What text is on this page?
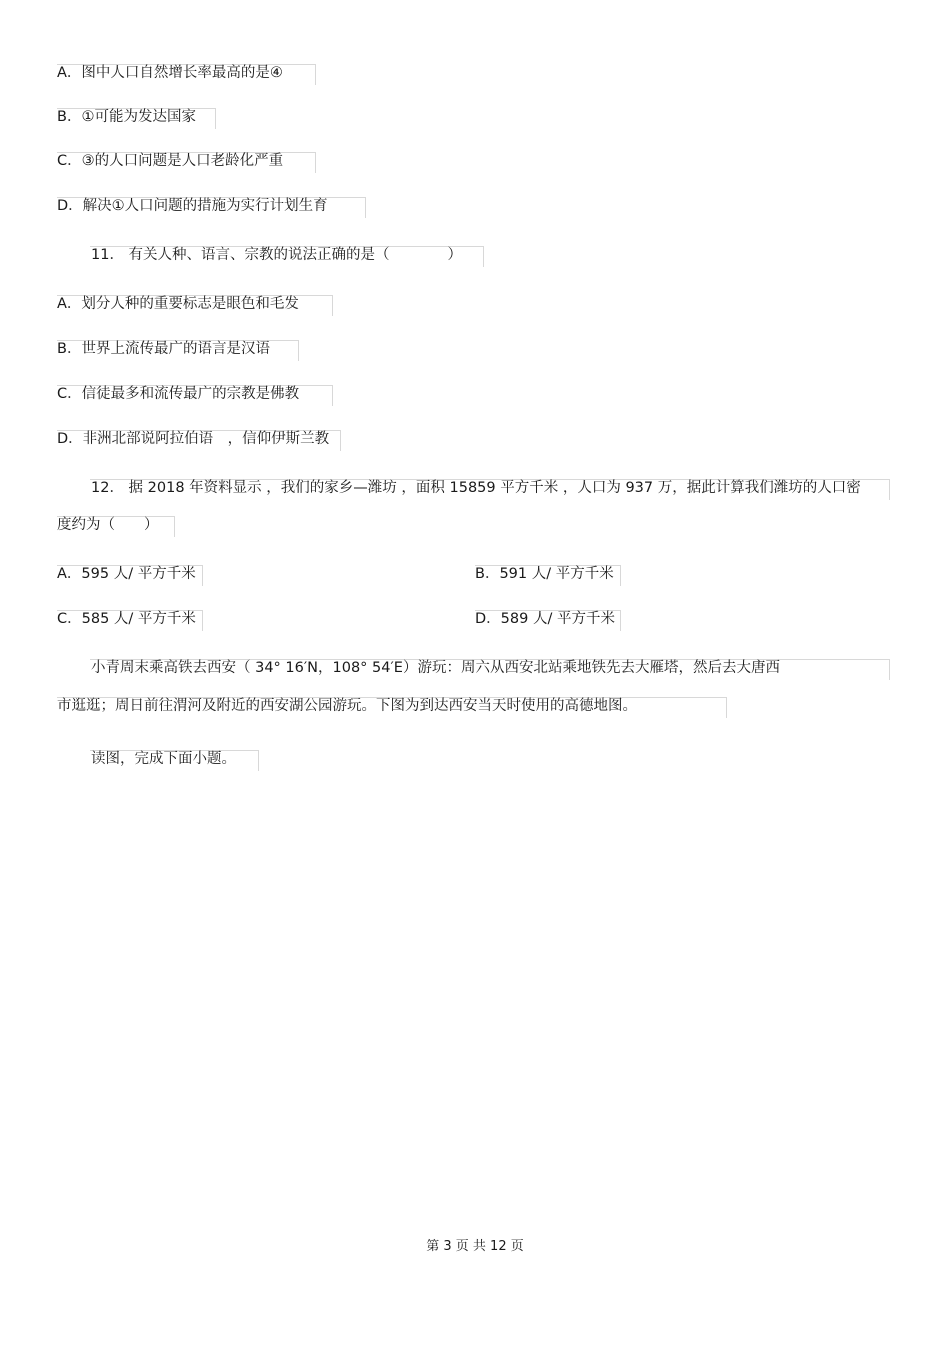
A．图中人口自然增长率最高的是④
B．①可能为发达国家
C．③的人口问题是人口老龄化严重
D．解决①人口问题的措施为实行计划生育
11． 有关人种、语言、宗教的说法正确的是（　　　　）
A．划分人种的重要标志是眼色和毛发
B．世界上流传最广的语言是汉语
C．信徒最多和流传最广的宗教是佛教
D．非洲北部说阿拉伯语　，信仰伊斯兰教
12． 据 2018 年资料显示 ，我们的家乡—潍坊 ，面积 15859 平方千米 ，人口为 937 万，据此计算我们潍坊的人口密
度约为（　　）
A．595 人/ 平方千米	B．591 人/ 平方千米
C．585 人/ 平方千米	D．589 人/ 平方千米
小青周末乘高铁去西安（ 34° 16′N，108° 54′E）游玩：周六从西安北站乘地铁先去大雁塔，然后去大唐西
市逛逛；周日前往渭河及附近的西安湖公园游玩。下图为到达西安当天时使用的高德地图。
读图，完成下面小题。
第 3 页 共 12 页
